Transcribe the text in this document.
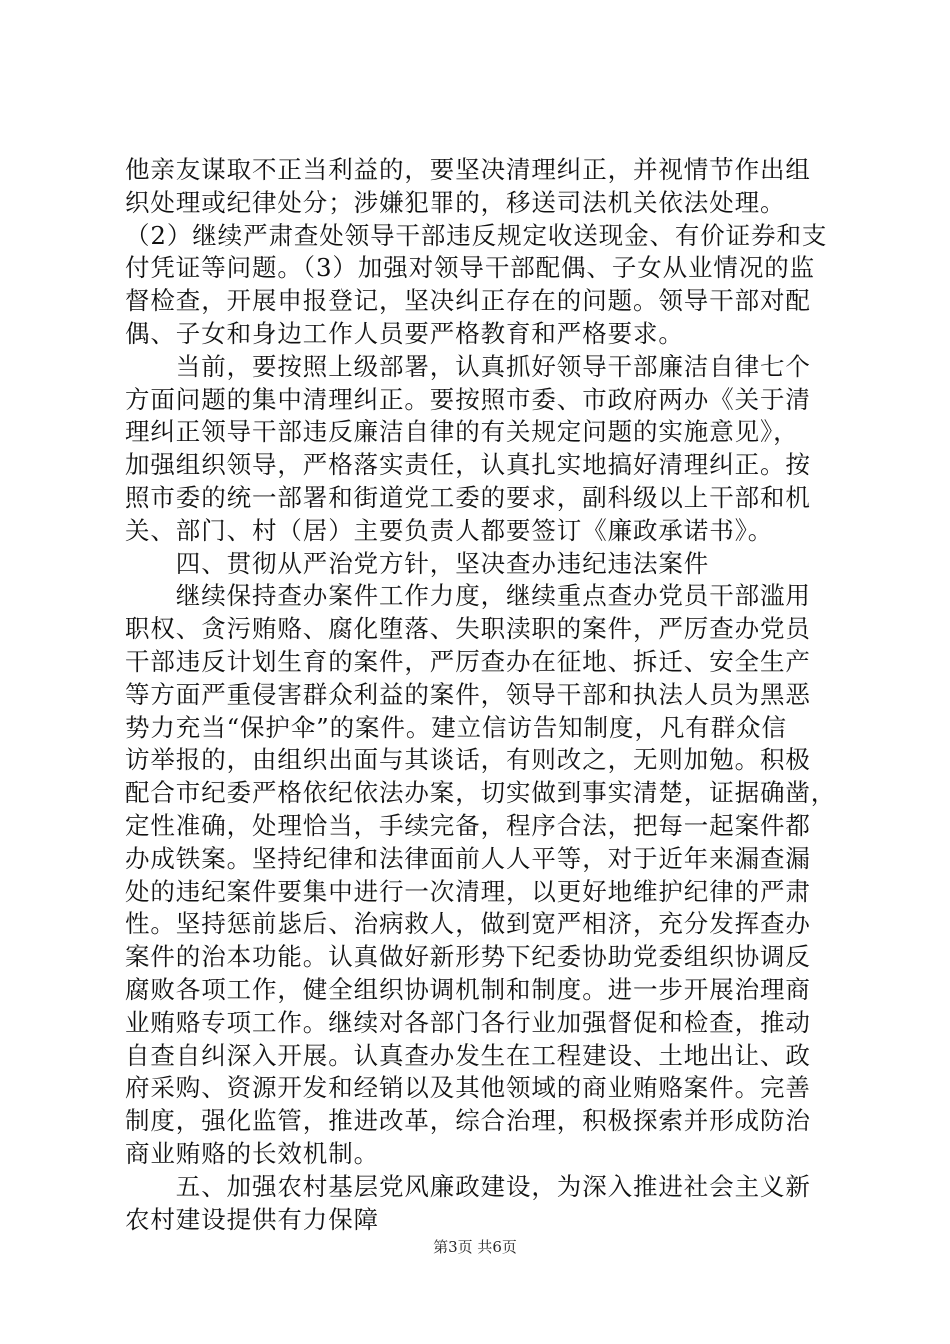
他亲友谋取不正当利益的，要坚决清理纠正，并视情节作出组
织处理或纪律处分；涉嫌犯罪的，移送司法机关依法处理。
（2）继续严肃查处领导干部违反规定收送现金、有价证券和支
付凭证等问题。（3）加强对领导干部配偶、子女从业情况的监
督检查，开展申报登记，坚决纠正存在的问题。领导干部对配
偶、子女和身边工作人员要严格教育和严格要求。
　　当前，要按照上级部署，认真抓好领导干部廉洁自律七个
方面问题的集中清理纠正。要按照市委、市政府两办《关于清
理纠正领导干部违反廉洁自律的有关规定问题的实施意见》，
加强组织领导，严格落实责任，认真扎实地搞好清理纠正。按
照市委的统一部署和街道党工委的要求，副科级以上干部和机
关、部门、村（居）主要负责人都要签订《廉政承诺书》。
　　四、贯彻从严治党方针，坚决查办违纪违法案件
　　继续保持查办案件工作力度，继续重点查办党员干部滥用
职权、贪污贿赂、腐化堕落、失职渎职的案件，严厉查办党员
干部违反计划生育的案件，严厉查办在征地、拆迁、安全生产
等方面严重侵害群众利益的案件，领导干部和执法人员为黑恶
势力充当“保护伞”的案件。建立信访告知制度，凡有群众信
访举报的，由组织出面与其谈话，有则改之，无则加勉。积极
配合市纪委严格依纪依法办案，切实做到事实清楚，证据确凿，
定性准确，处理恰当，手续完备，程序合法，把每一起案件都
办成铁案。坚持纪律和法律面前人人平等，对于近年来漏查漏
处的违纪案件要集中进行一次清理，以更好地维护纪律的严肃
性。坚持惩前毖后、治病救人，做到宽严相济，充分发挥查办
案件的治本功能。认真做好新形势下纪委协助党委组织协调反
腐败各项工作，健全组织协调机制和制度。进一步开展治理商
业贿赂专项工作。继续对各部门各行业加强督促和检查，推动
自查自纠深入开展。认真查办发生在工程建设、土地出让、政
府采购、资源开发和经销以及其他领域的商业贿赂案件。完善
制度，强化监管，推进改革，综合治理，积极探索并形成防治
商业贿赂的长效机制。
　　五、加强农村基层党风廉政建设，为深入推进社会主义新
农村建设提供有力保障
第3页 共6页
